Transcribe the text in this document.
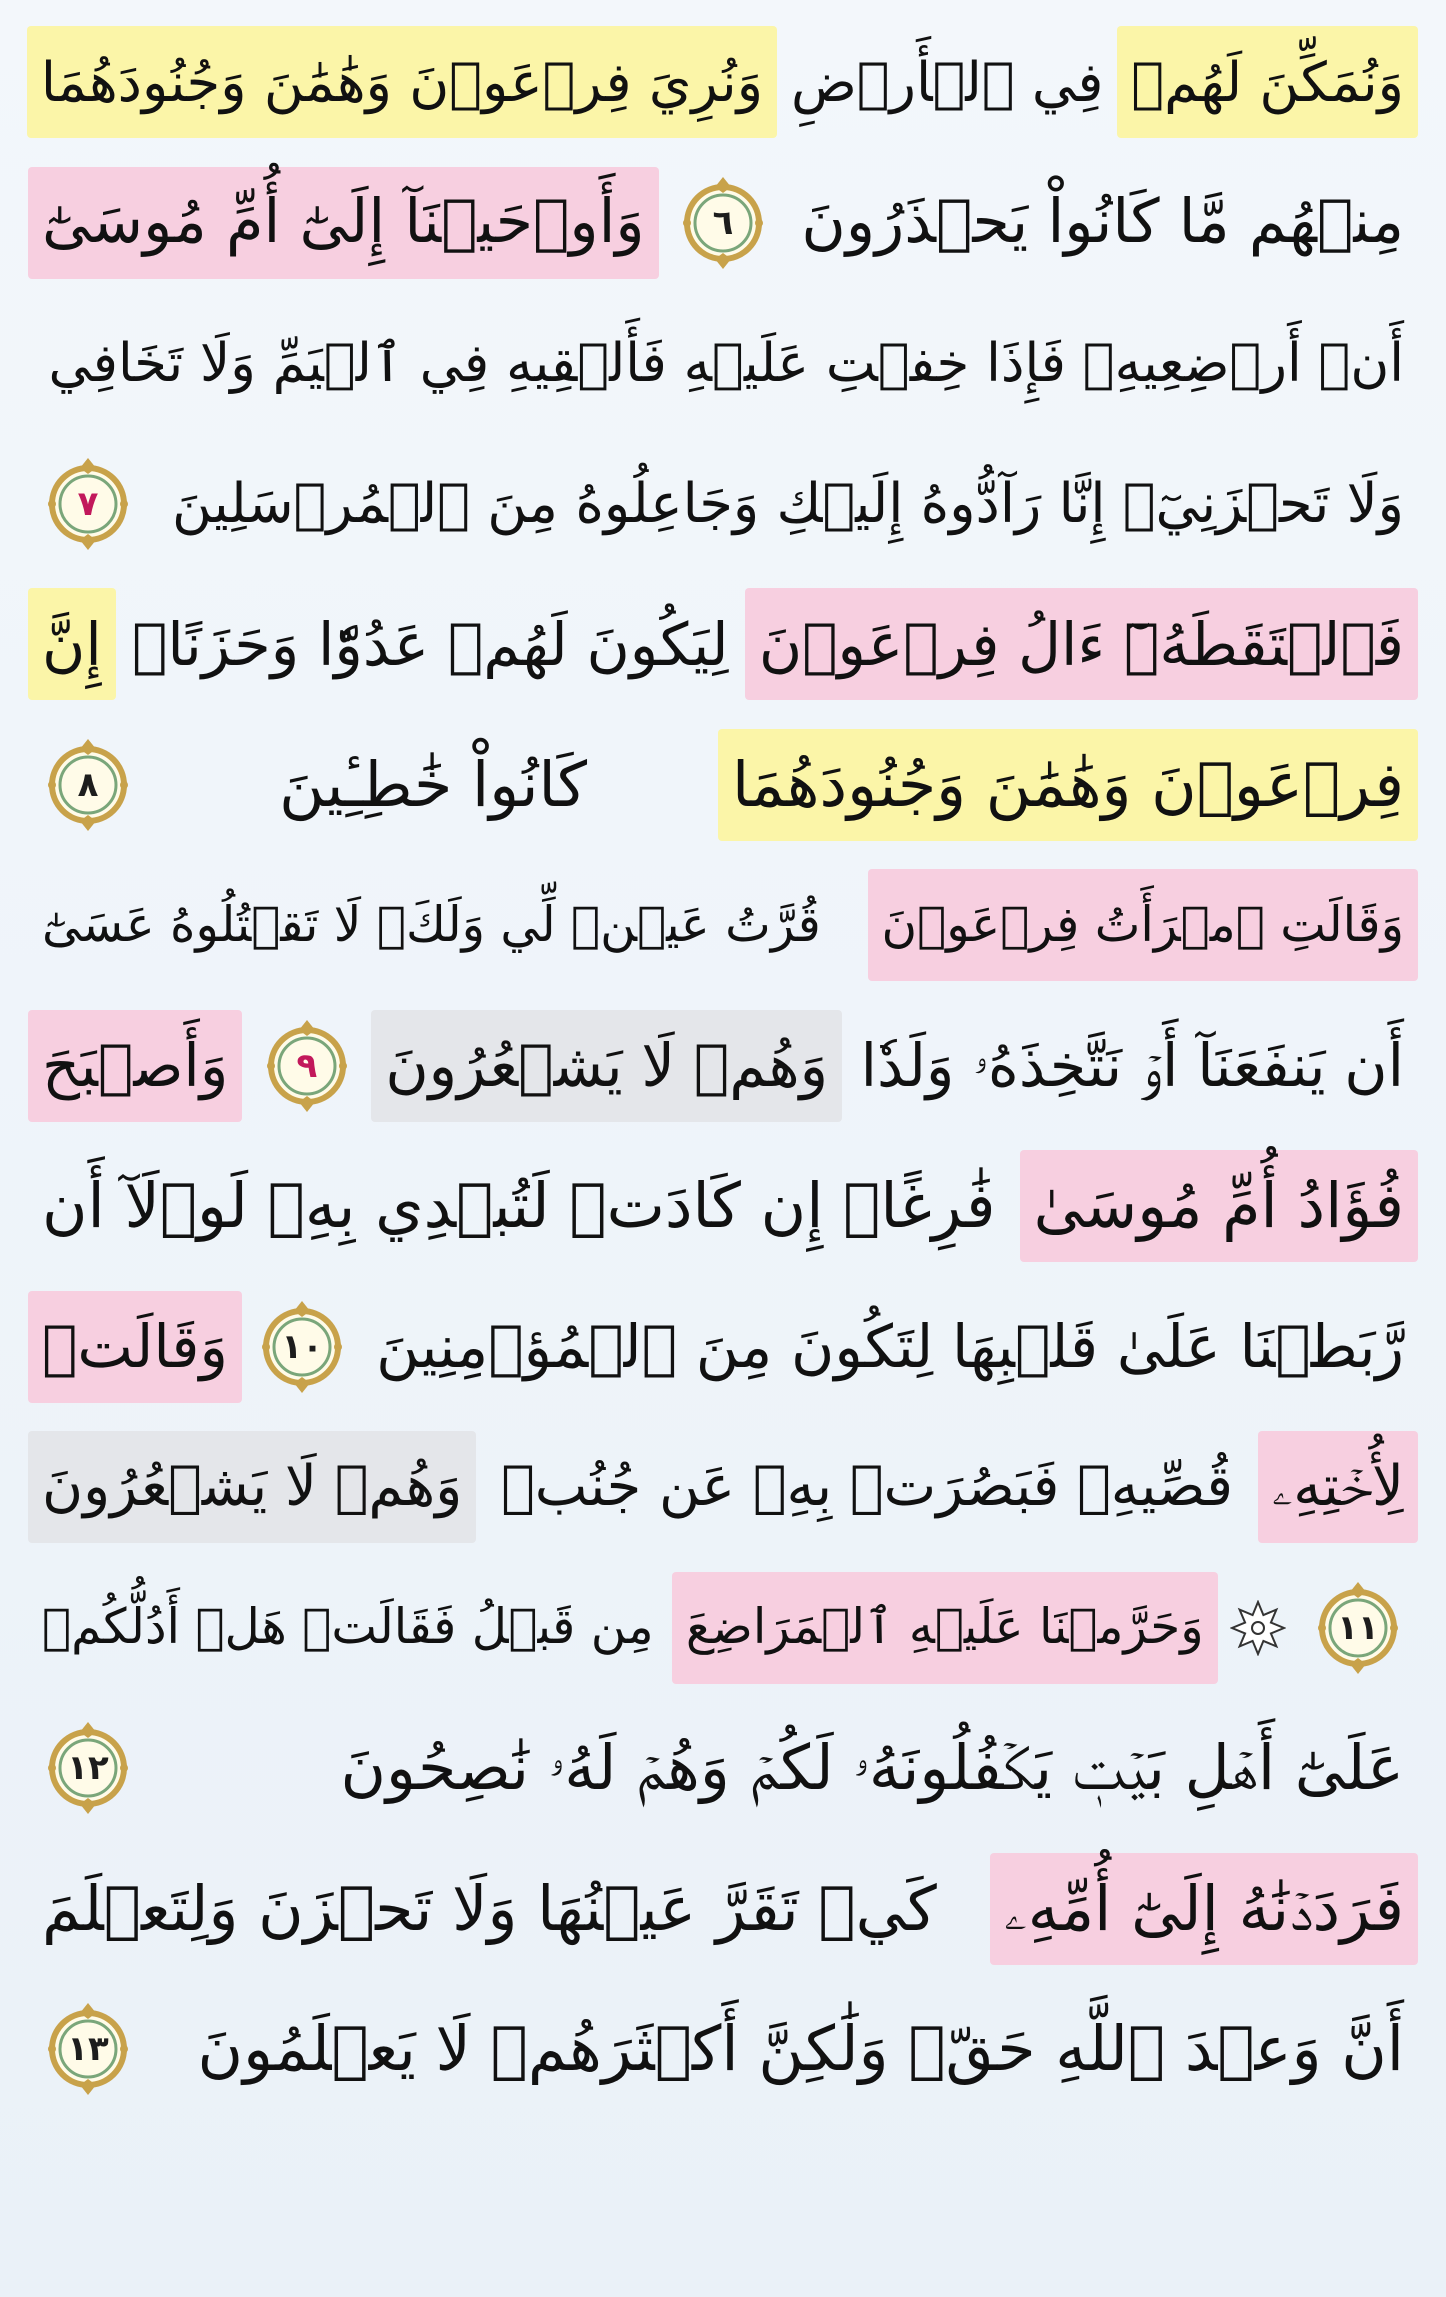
وَنُمَكِّنَ لَهُمۡ
فِي ٱلۡأَرۡضِ
وَنُرِيَ فِرۡعَوۡنَ وَهَٰمَٰنَ وَجُنُودَهُمَا
مِنۡهُم مَّا كَانُواْ يَحۡذَرُونَ
٦
وَأَوۡحَيۡنَآ إِلَىٰٓ أُمِّ مُوسَىٰٓ
أَنۡ أَرۡضِعِيهِۖ فَإِذَا خِفۡتِ عَلَيۡهِ فَأَلۡقِيهِ فِي ٱلۡيَمِّ وَلَا تَخَافِي
وَلَا تَحۡزَنِيٓۖ إِنَّا رَآدُّوهُ إِلَيۡكِ وَجَاعِلُوهُ مِنَ ٱلۡمُرۡسَلِينَ
٧
فَٱلۡتَقَطَهُۥٓ ءَالُ فِرۡعَوۡنَ
لِيَكُونَ لَهُمۡ عَدُوّٗا وَحَزَنًاۗ
إِنَّ
فِرۡعَوۡنَ وَهَٰمَٰنَ وَجُنُودَهُمَا
كَانُواْ خَٰطِـِٔينَ
٨
وَقَالَتِ ٱمۡرَأَتُ فِرۡعَوۡنَ
قُرَّتُ عَيۡنٖ لِّي وَلَكَۖ لَا تَقۡتُلُوهُ عَسَىٰٓ
أَن يَنفَعَنَآ أَوۡ نَتَّخِذَهُۥ وَلَدٗا
وَهُمۡ لَا يَشۡعُرُونَ
٩
وَأَصۡبَحَ
فُؤَادُ أُمِّ مُوسَىٰ
فَٰرِغًاۖ إِن كَادَتۡ لَتُبۡدِي بِهِۦ لَوۡلَآ أَن
رَّبَطۡنَا عَلَىٰ قَلۡبِهَا لِتَكُونَ مِنَ ٱلۡمُؤۡمِنِينَ
١٠
وَقَالَتۡ
لِأُخۡتِهِۦ
قُصِّيهِۖ فَبَصُرَتۡ بِهِۦ عَن جُنُبٖ
وَهُمۡ لَا يَشۡعُرُونَ
١١
وَحَرَّمۡنَا عَلَيۡهِ ٱلۡمَرَاضِعَ
مِن قَبۡلُ فَقَالَتۡ هَلۡ أَدُلُّكُمۡ
عَلَىٰٓ أَهۡلِ بَيۡتٖ يَكۡفُلُونَهُۥ لَكُمۡ وَهُمۡ لَهُۥ نَٰصِحُونَ
١٢
فَرَدَدۡنَٰهُ إِلَىٰٓ أُمِّهِۦ
كَيۡ تَقَرَّ عَيۡنُهَا وَلَا تَحۡزَنَ وَلِتَعۡلَمَ
أَنَّ وَعۡدَ ٱللَّهِ حَقّٞ وَلَٰكِنَّ أَكۡثَرَهُمۡ لَا يَعۡلَمُونَ
١٣
